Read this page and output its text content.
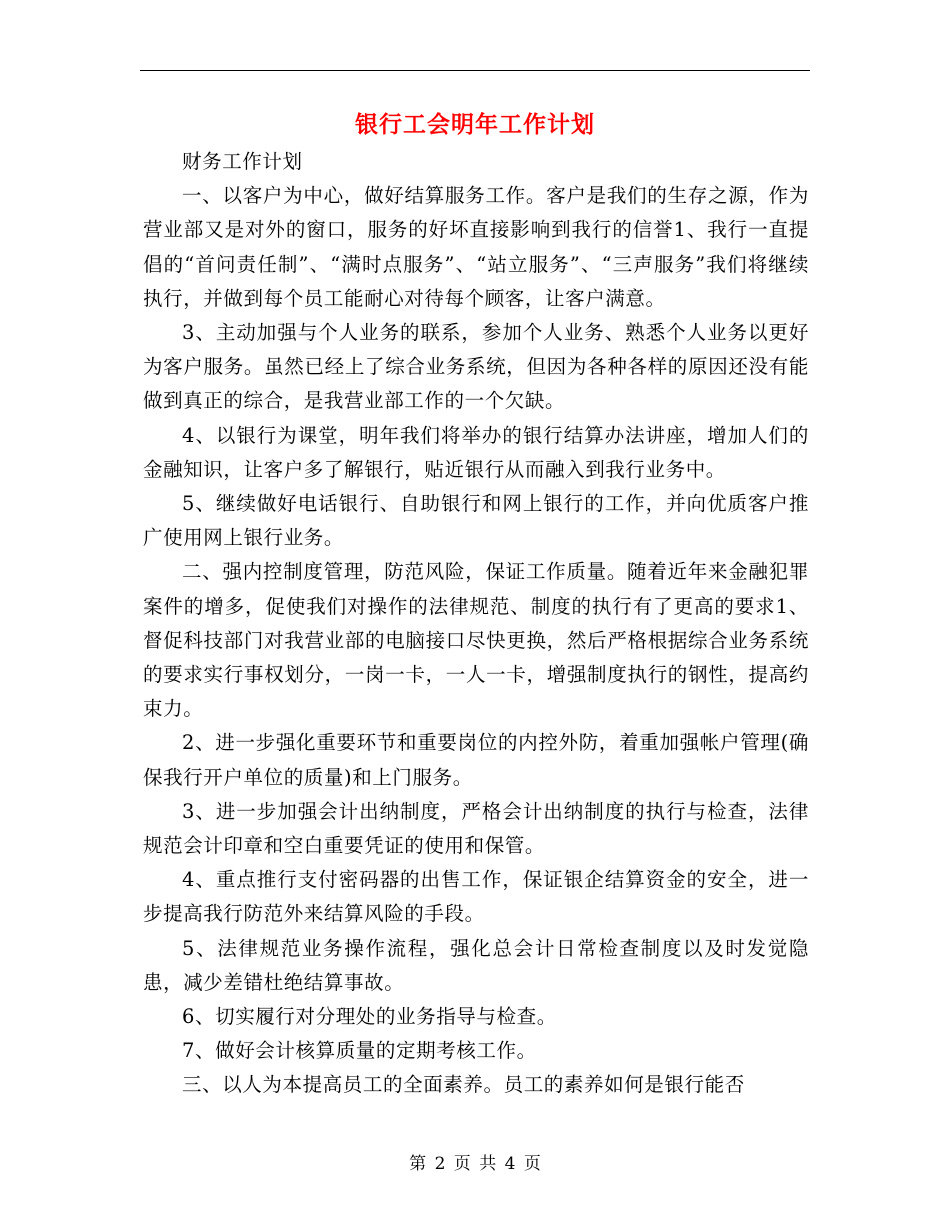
银行工会明年工作计划

财务工作计划

一、以客户为中心，做好结算服务工作。客户是我们的生存之源，作为营业部又是对外的窗口，服务的好坏直接影响到我行的信誉1、我行一直提倡的“首问责任制”、“满时点服务”、“站立服务”、“三声服务”我们将继续执行，并做到每个员工能耐心对待每个顾客，让客户满意。

3、主动加强与个人业务的联系，参加个人业务、熟悉个人业务以更好为客户服务。虽然已经上了综合业务系统，但因为各种各样的原因还没有能做到真正的综合，是我营业部工作的一个欠缺。

4、以银行为课堂，明年我们将举办的银行结算办法讲座，增加人们的金融知识，让客户多了解银行，贴近银行从而融入到我行业务中。

5、继续做好电话银行、自助银行和网上银行的工作，并向优质客户推广使用网上银行业务。

二、强内控制度管理，防范风险，保证工作质量。随着近年来金融犯罪案件的增多，促使我们对操作的法律规范、制度的执行有了更高的要求1、督促科技部门对我营业部的电脑接口尽快更换，然后严格根据综合业务系统的要求实行事权划分，一岗一卡，一人一卡，增强制度执行的钢性，提高约束力。

2、进一步强化重要环节和重要岗位的内控外防，着重加强帐户管理(确保我行开户单位的质量)和上门服务。

3、进一步加强会计出纳制度，严格会计出纳制度的执行与检查，法律规范会计印章和空白重要凭证的使用和保管。

4、重点推行支付密码器的出售工作，保证银企结算资金的安全，进一步提高我行防范外来结算风险的手段。

5、法律规范业务操作流程，强化总会计日常检查制度以及时发觉隐患，减少差错杜绝结算事故。

6、切实履行对分理处的业务指导与检查。

7、做好会计核算质量的定期考核工作。

三、以人为本提高员工的全面素养。员工的素养如何是银行能否

第 2 页 共 4 页
